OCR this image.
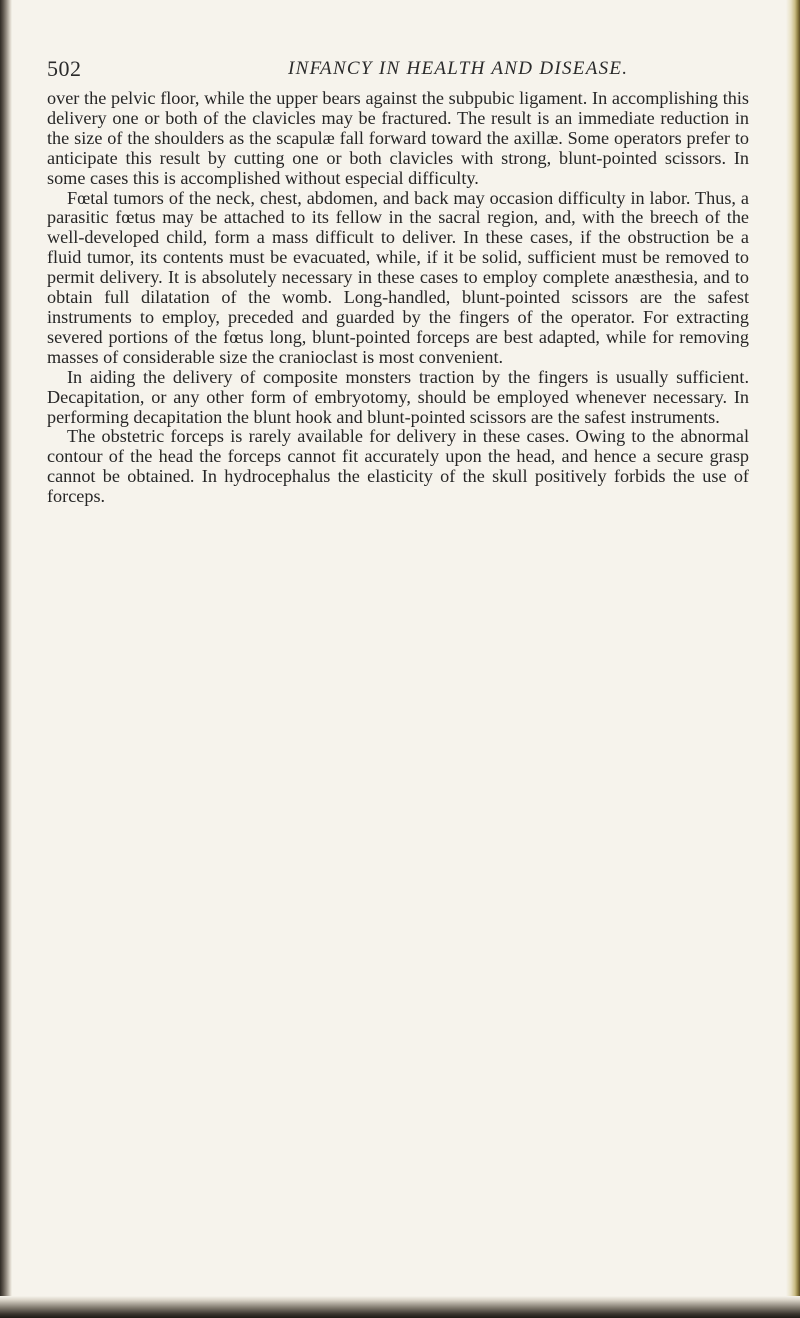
502	INFANCY IN HEALTH AND DISEASE.

over the pelvic floor, while the upper bears against the subpubic ligament. In accomplishing this delivery one or both of the clavicles may be fractured. The result is an immediate reduction in the size of the shoulders as the scapulæ fall forward toward the axillæ. Some operators prefer to anticipate this result by cutting one or both clavicles with strong, blunt-pointed scissors. In some cases this is accomplished without especial difficulty.

Fœtal tumors of the neck, chest, abdomen, and back may occasion difficulty in labor. Thus, a parasitic fœtus may be attached to its fellow in the sacral region, and, with the breech of the well-developed child, form a mass difficult to deliver. In these cases, if the obstruction be a fluid tumor, its contents must be evacuated, while, if it be solid, sufficient must be removed to permit delivery. It is absolutely necessary in these cases to employ complete anæsthesia, and to obtain full dilatation of the womb. Long-handled, blunt-pointed scissors are the safest instruments to employ, preceded and guarded by the fingers of the operator. For extracting severed portions of the fœtus long, blunt-pointed forceps are best adapted, while for removing masses of considerable size the cranioclast is most convenient.

In aiding the delivery of composite monsters traction by the fingers is usually sufficient. Decapitation, or any other form of embryotomy, should be employed whenever necessary. In performing decapitation the blunt hook and blunt-pointed scissors are the safest instruments.

The obstetric forceps is rarely available for delivery in these cases. Owing to the abnormal contour of the head the forceps cannot fit accurately upon the head, and hence a secure grasp cannot be obtained. In hydrocephalus the elasticity of the skull positively forbids the use of forceps.
